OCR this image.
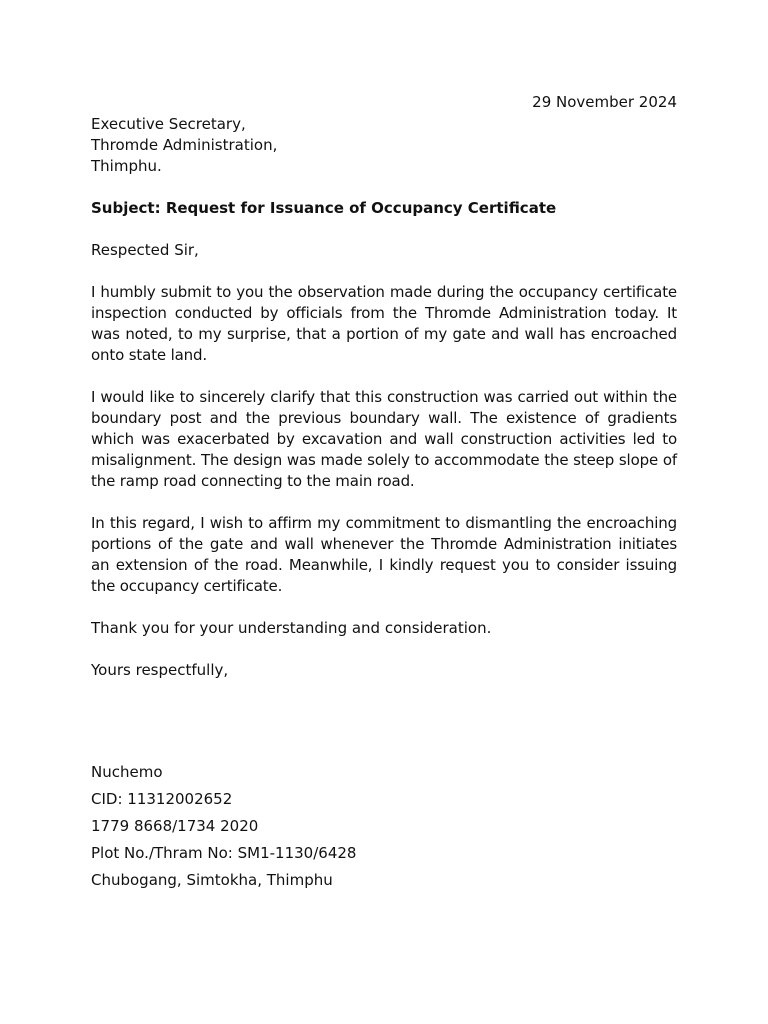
29 November 2024
Executive Secretary,
Thromde Administration,
Thimphu.
Subject: Request for Issuance of Occupancy Certificate
Respected Sir,

I humbly submit to you the observation made during the occupancy certificate inspection conducted by officials from the Thromde Administration today. It was noted, to my surprise, that a portion of my gate and wall has encroached onto state land.

I would like to sincerely clarify that this construction was carried out within the boundary post and the previous boundary wall. The existence of gradients which was exacerbated by excavation and wall construction activities led to misalignment. The design was made solely to accommodate the steep slope of the ramp road connecting to the main road.

In this regard, I wish to affirm my commitment to dismantling the encroaching portions of the gate and wall whenever the Thromde Administration initiates an extension of the road. Meanwhile, I kindly request you to consider issuing the occupancy certificate.

Thank you for your understanding and consideration.
Yours respectfully,
Nuchemo
CID: 11312002652
1779 8668/1734 2020
Plot No./Thram No: SM1-1130/6428
Chubogang, Simtokha, Thimphu
